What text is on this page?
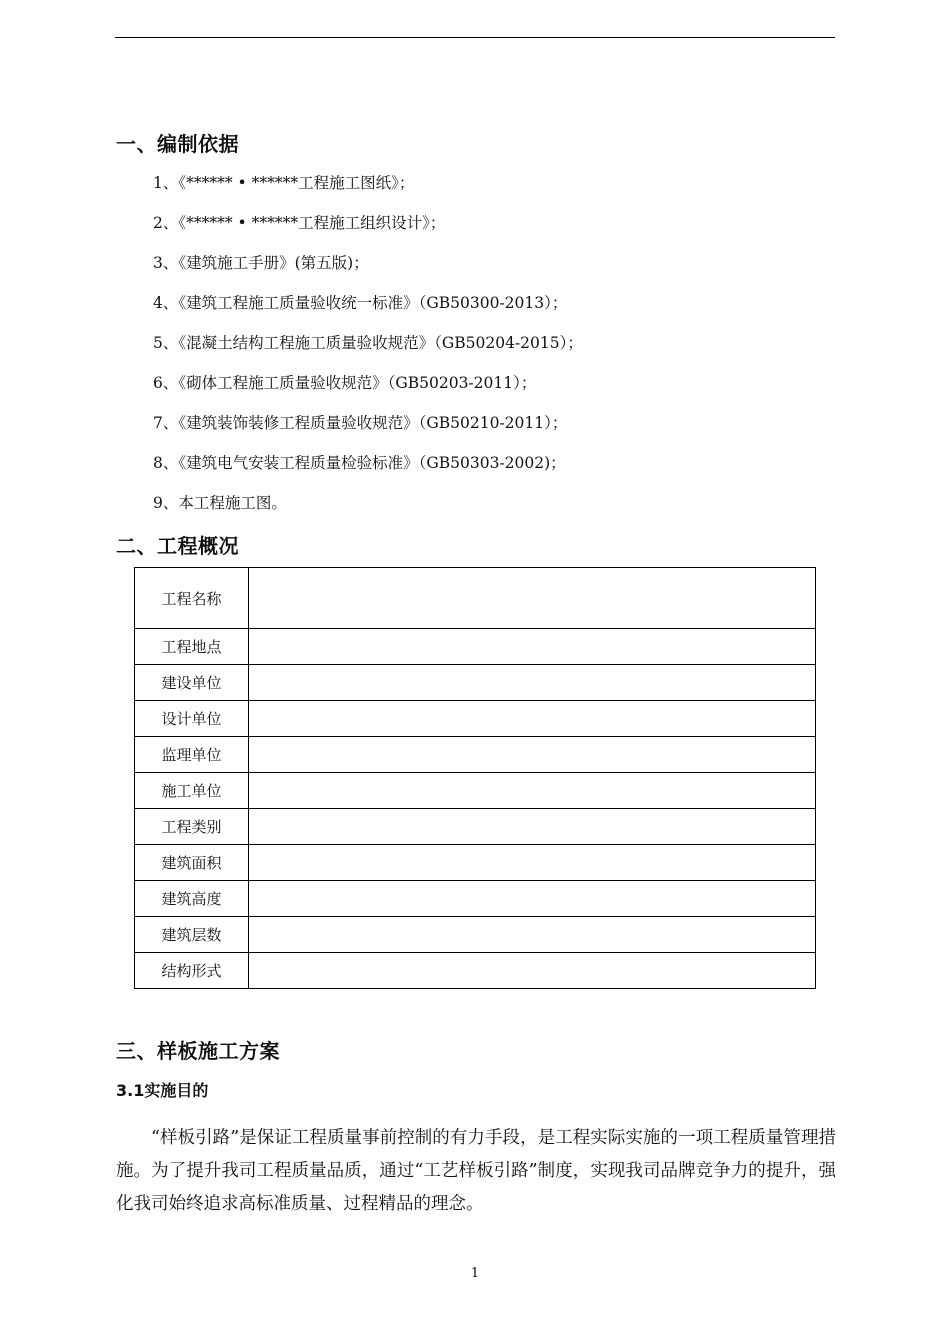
一、编制依据
1、《****** • ******工程施工图纸》；
2、《****** • ******工程施工组织设计》；
3、《建筑施工手册》(第五版)；
4、《建筑工程施工质量验收统一标准》（GB50300-2013）；
5、《混凝土结构工程施工质量验收规范》（GB50204-2015）；
6、《砌体工程施工质量验收规范》（GB50203-2011）；
7、《建筑装饰装修工程质量验收规范》（GB50210-2011）；
8、《建筑电气安装工程质量检验标准》（GB50303-2002)；
9、本工程施工图。
二、工程概况
工程名称	
工程地点	
建设单位	
设计单位	
监理单位	
施工单位	
工程类别	
建筑面积	
建筑高度	
建筑层数	
结构形式	
三、样板施工方案
3.1实施目的

“样板引路”是保证工程质量事前控制的有力手段，是工程实际实施的一项工程质量管理措施。为了提升我司工程质量品质，通过“工艺样板引路”制度，实现我司品牌竞争力的提升，强化我司始终追求高标准质量、过程精品的理念。

1
